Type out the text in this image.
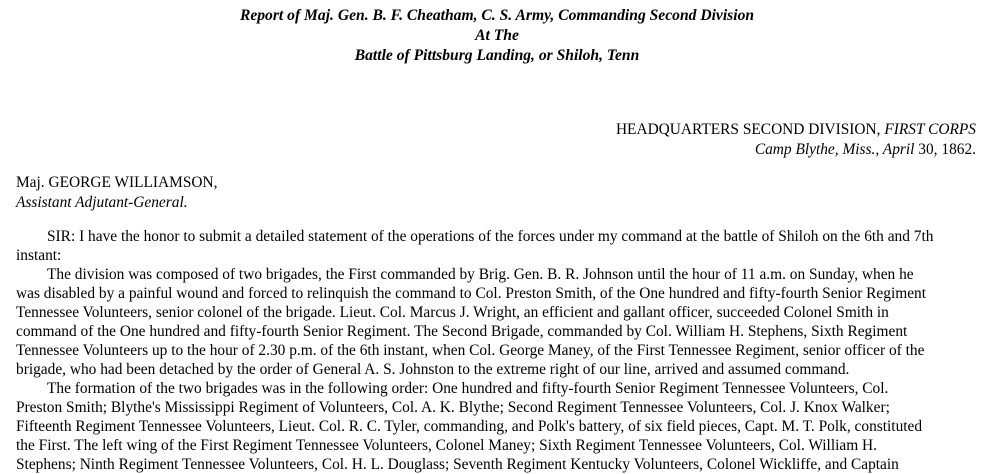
Report of Maj. Gen. B. F. Cheatham, C. S. Army, Commanding Second Division
At The
Battle of Pittsburg Landing, or Shiloh, Tenn
HEADQUARTERS SECOND DIVISION, FIRST CORPS
Camp Blythe, Miss., April 30, 1862.
Maj. GEORGE WILLIAMSON,
Assistant Adjutant-General.

SIR: I have the honor to submit a detailed statement of the operations of the forces under my command at the battle of Shiloh on the 6th and 7th
instant:

The division was composed of two brigades, the First commanded by Brig. Gen. B. R. Johnson until the hour of 11 a.m. on Sunday, when he
was disabled by a painful wound and forced to relinquish the command to Col. Preston Smith, of the One hundred and fifty-fourth Senior Regiment
Tennessee Volunteers, senior colonel of the brigade. Lieut. Col. Marcus J. Wright, an efficient and gallant officer, succeeded Colonel Smith in
command of the One hundred and fifty-fourth Senior Regiment. The Second Brigade, commanded by Col. William H. Stephens, Sixth Regiment
Tennessee Volunteers up to the hour of 2.30 p.m. of the 6th instant, when Col. George Maney, of the First Tennessee Regiment, senior officer of the
brigade, who had been detached by the order of General A. S. Johnston to the extreme right of our line, arrived and assumed command.

The formation of the two brigades was in the following order: One hundred and fifty-fourth Senior Regiment Tennessee Volunteers, Col.
Preston Smith; Blythe's Mississippi Regiment of Volunteers, Col. A. K. Blythe; Second Regiment Tennessee Volunteers, Col. J. Knox Walker;
Fifteenth Regiment Tennessee Volunteers, Lieut. Col. R. C. Tyler, commanding, and Polk's battery, of six field pieces, Capt. M. T. Polk, constituted
the First. The left wing of the First Regiment Tennessee Volunteers, Colonel Maney; Sixth Regiment Tennessee Volunteers, Col. William H.
Stephens; Ninth Regiment Tennessee Volunteers, Col. H. L. Douglass; Seventh Regiment Kentucky Volunteers, Colonel Wickliffe, and Captain
